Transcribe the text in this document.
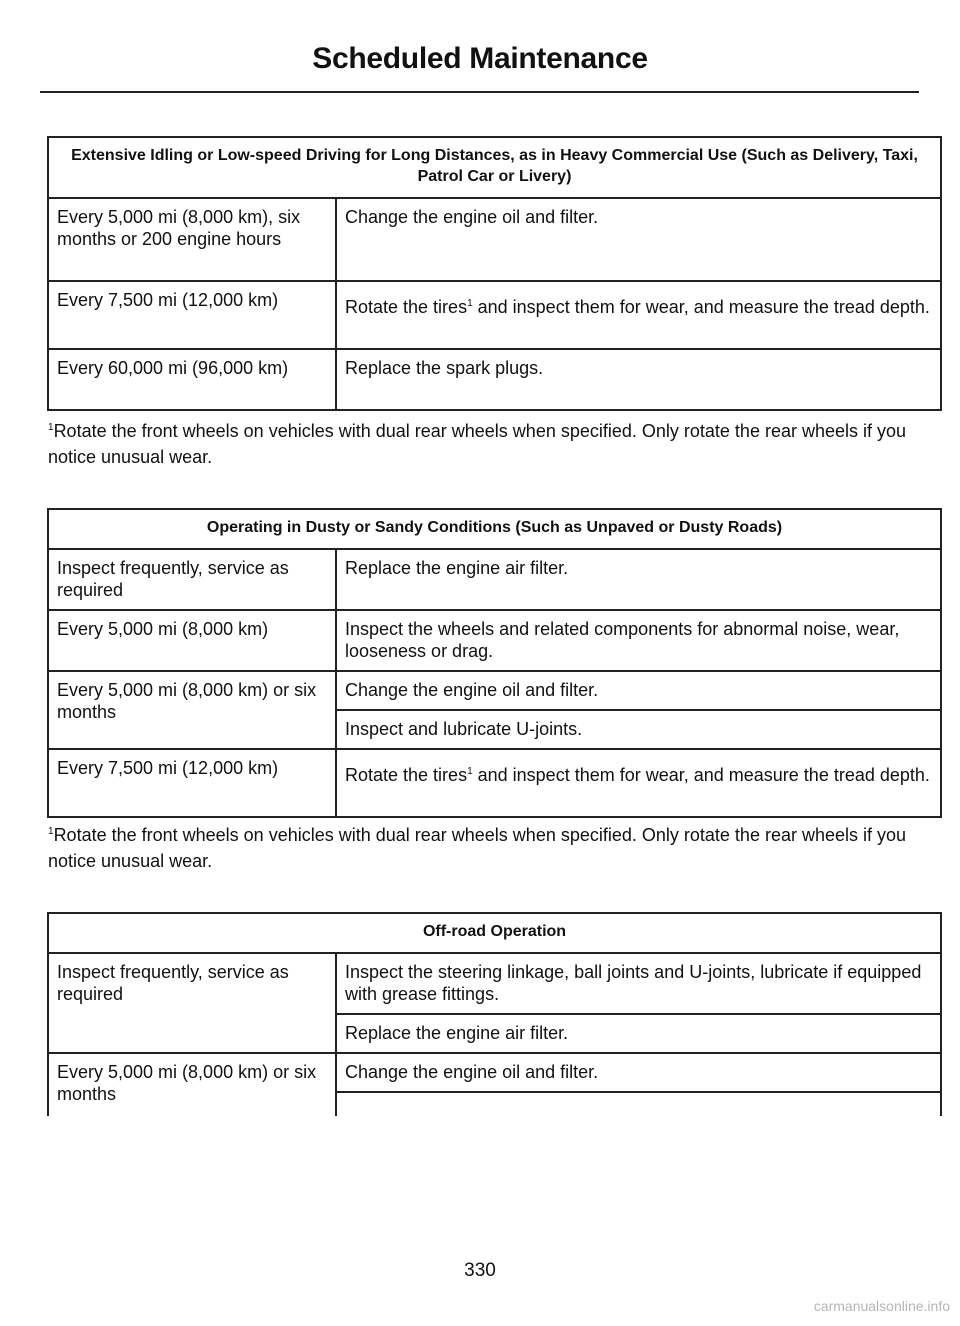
Scheduled Maintenance
Extensive Idling or Low-speed Driving for Long Distances, as in Heavy Commercial Use (Such as Delivery, Taxi, Patrol Car or Livery)	
Every 5,000 mi (8,000 km), six months or 200 engine hours	Change the engine oil and filter.
Every 7,500 mi (12,000 km)	Rotate the tires$^1$ and inspect them for wear, and measure the tread depth.
Every 60,000 mi (96,000 km)	Replace the spark plugs.
$^1$Rotate the front wheels on vehicles with dual rear wheels when specified. Only rotate the rear wheels if you notice unusual wear.
Operating in Dusty or Sandy Conditions (Such as Unpaved or Dusty Roads)	
Inspect frequently, service as required	Replace the engine air filter.
Every 5,000 mi (8,000 km)	Inspect the wheels and related components for abnormal noise, wear, looseness or drag.
Every 5,000 mi (8,000 km) or six months	Change the engine oil and filter.
	Inspect and lubricate U-joints.
Every 7,500 mi (12,000 km)	Rotate the tires$^1$ and inspect them for wear, and measure the tread depth.
$^1$Rotate the front wheels on vehicles with dual rear wheels when specified. Only rotate the rear wheels if you notice unusual wear.
Off-road Operation	
Inspect frequently, service as required	Inspect the steering linkage, ball joints and U-joints, lubricate if equipped with grease fittings.
	Replace the engine air filter.
Every 5,000 mi (8,000 km) or six months	Change the engine oil and filter.

330
carmanualsonline.info
